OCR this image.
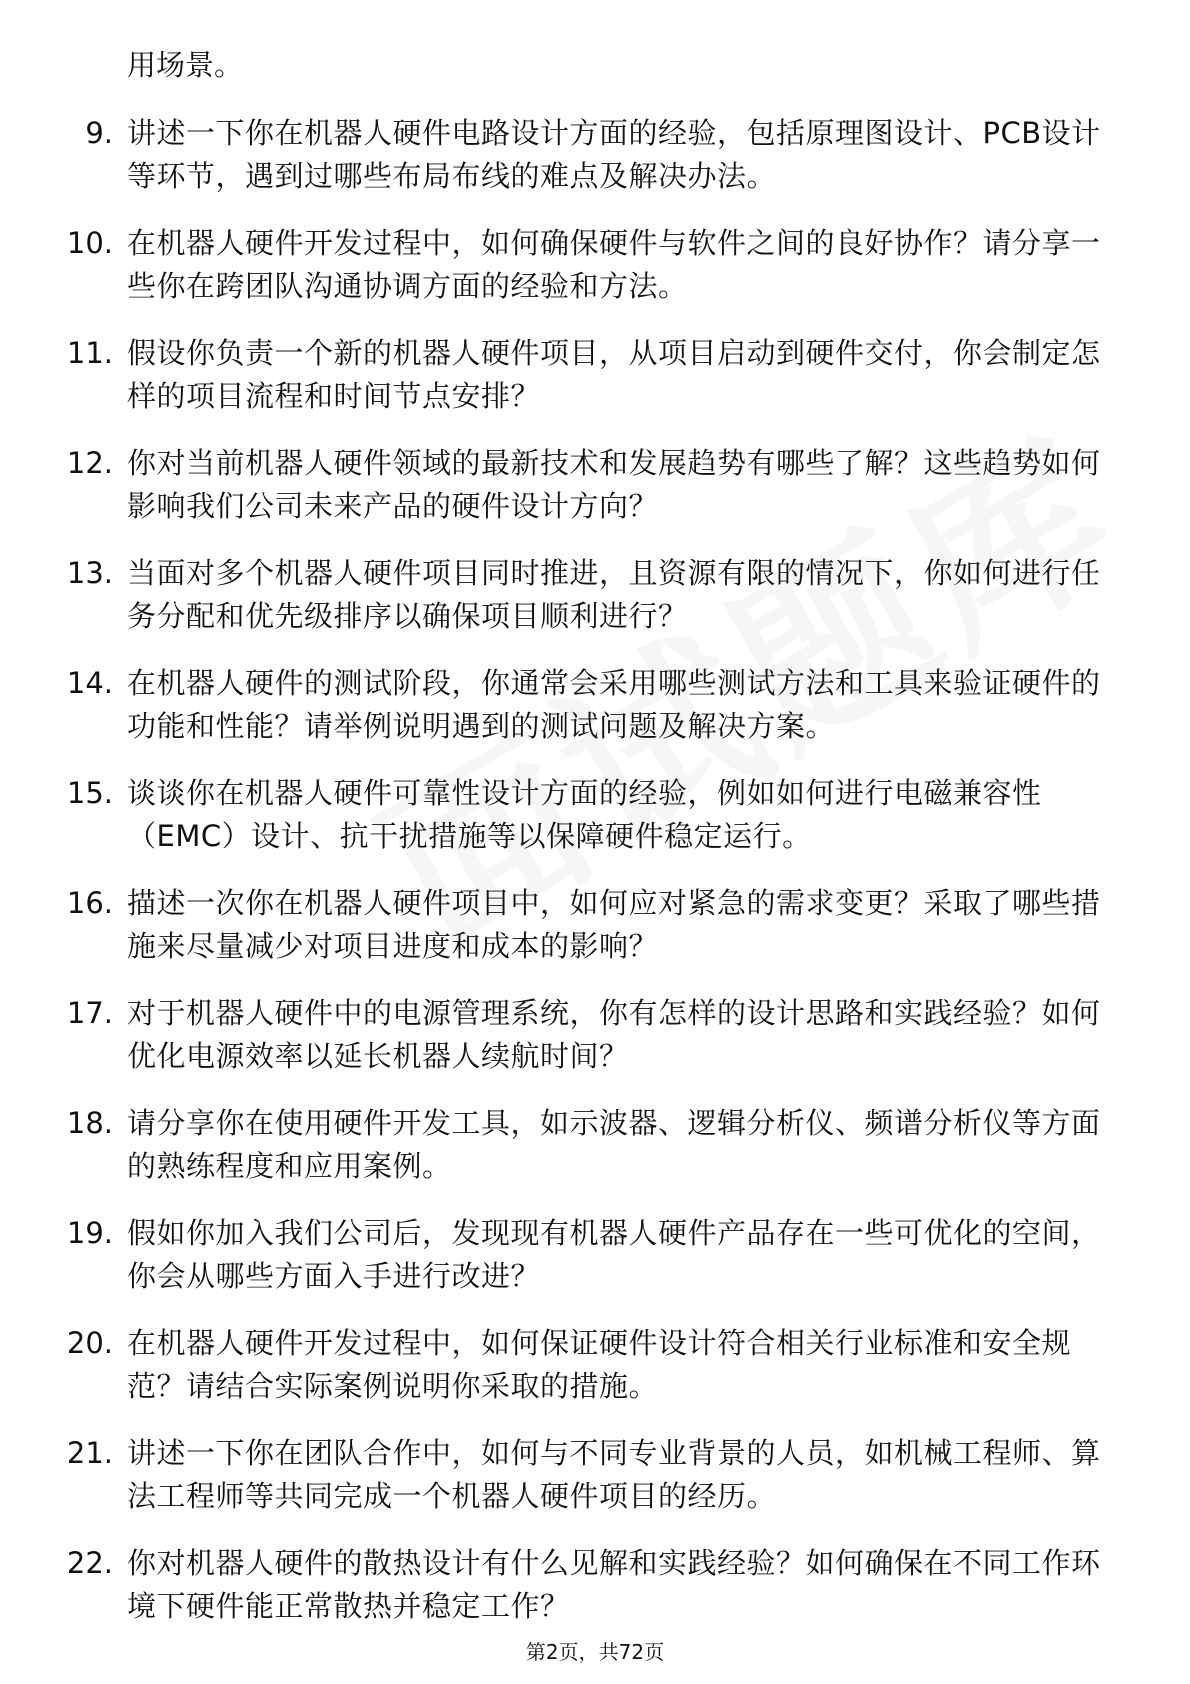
用场景。
9. 讲述一下你在机器人硬件电路设计方面的经验，包括原理图设计、PCB设计等环节，遇到过哪些布局布线的难点及解决办法。
10. 在机器人硬件开发过程中，如何确保硬件与软件之间的良好协作？请分享一些你在跨团队沟通协调方面的经验和方法。
11. 假设你负责一个新的机器人硬件项目，从项目启动到硬件交付，你会制定怎样的项目流程和时间节点安排？
12. 你对当前机器人硬件领域的最新技术和发展趋势有哪些了解？这些趋势如何影响我们公司未来产品的硬件设计方向？
13. 当面对多个机器人硬件项目同时推进，且资源有限的情况下，你如何进行任务分配和优先级排序以确保项目顺利进行？
14. 在机器人硬件的测试阶段，你通常会采用哪些测试方法和工具来验证硬件的功能和性能？请举例说明遇到的测试问题及解决方案。
15. 谈谈你在机器人硬件可靠性设计方面的经验，例如如何进行电磁兼容性（EMC）设计、抗干扰措施等以保障硬件稳定运行。
16. 描述一次你在机器人硬件项目中，如何应对紧急的需求变更？采取了哪些措施来尽量减少对项目进度和成本的影响？
17. 对于机器人硬件中的电源管理系统，你有怎样的设计思路和实践经验？如何优化电源效率以延长机器人续航时间？
18. 请分享你在使用硬件开发工具，如示波器、逻辑分析仪、频谱分析仪等方面的熟练程度和应用案例。
19. 假如你加入我们公司后，发现现有机器人硬件产品存在一些可优化的空间，你会从哪些方面入手进行改进？
20. 在机器人硬件开发过程中，如何保证硬件设计符合相关行业标准和安全规范？请结合实际案例说明你采取的措施。
21. 讲述一下你在团队合作中，如何与不同专业背景的人员，如机械工程师、算法工程师等共同完成一个机器人硬件项目的经历。
22. 你对机器人硬件的散热设计有什么见解和实践经验？如何确保在不同工作环境下硬件能正常散热并稳定工作？
第2页，共72页
